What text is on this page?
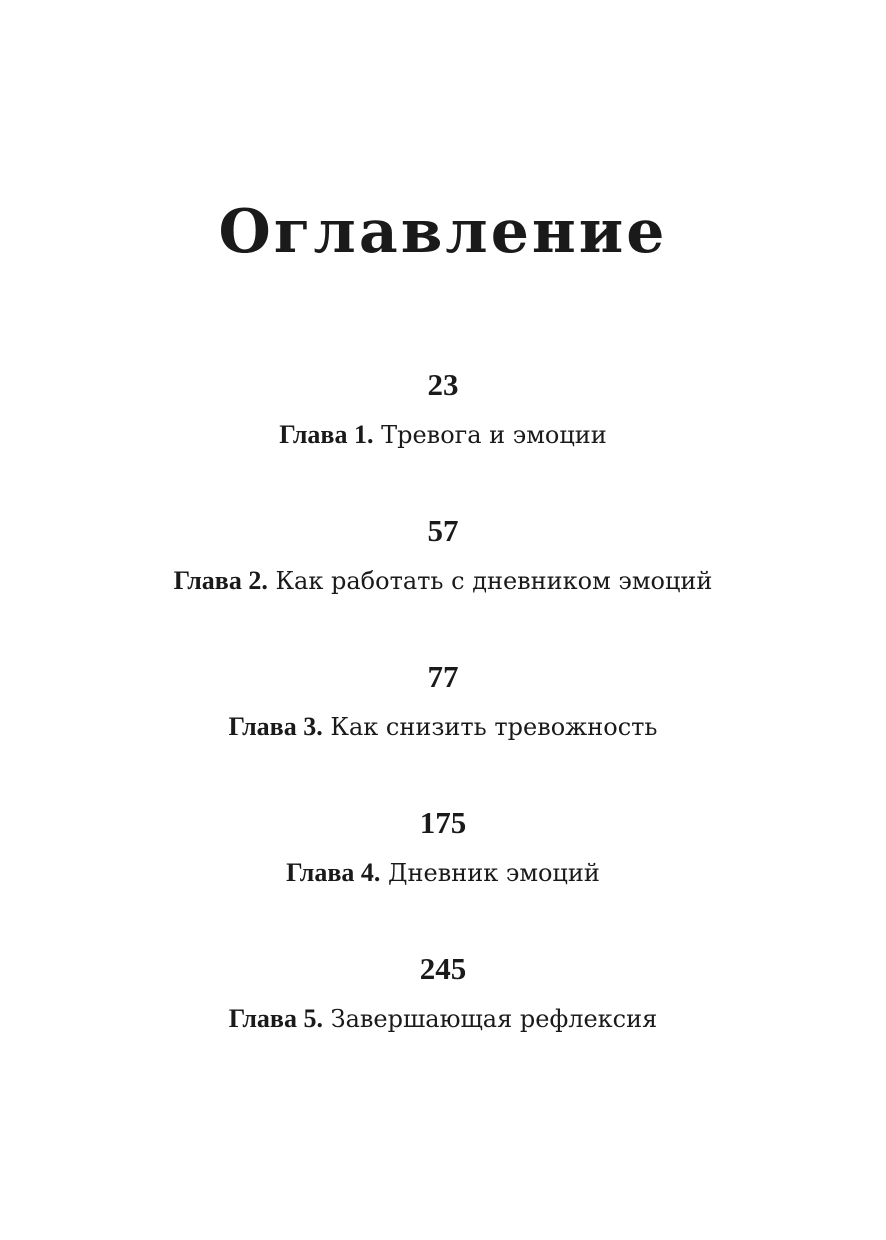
Оглавление
23
Глава 1. Тревога и эмоции
57
Глава 2. Как работать с дневником эмоций
77
Глава 3. Как снизить тревожность
175
Глава 4. Дневник эмоций
245
Глава 5. Завершающая рефлексия
